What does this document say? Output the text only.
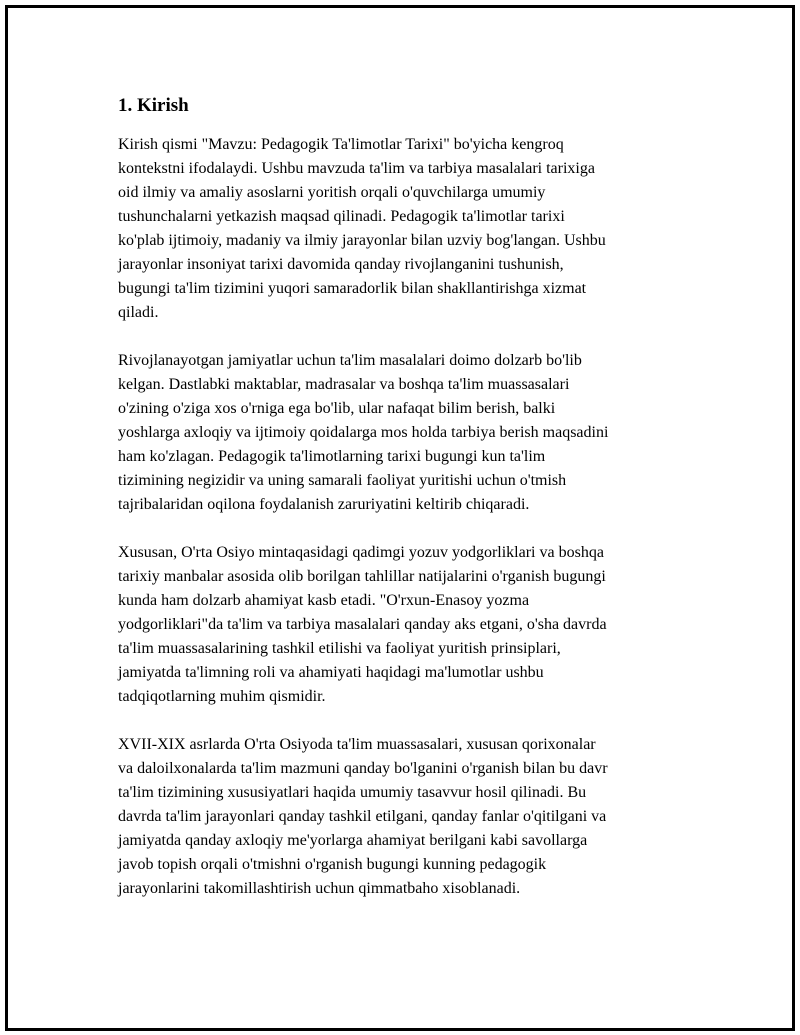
1. Kirish

Kirish qismi "Mavzu: Pedagogik Ta'limotlar Tarixi" bo'yicha kengroq
kontekstni ifodalaydi. Ushbu mavzuda ta'lim va tarbiya masalalari tarixiga
oid ilmiy va amaliy asoslarni yoritish orqali o'quvchilarga umumiy
tushunchalarni yetkazish maqsad qilinadi. Pedagogik ta'limotlar tarixi
ko'plab ijtimoiy, madaniy va ilmiy jarayonlar bilan uzviy bog'langan. Ushbu
jarayonlar insoniyat tarixi davomida qanday rivojlanganini tushunish,
bugungi ta'lim tizimini yuqori samaradorlik bilan shakllantirishga xizmat
qiladi.

Rivojlanayotgan jamiyatlar uchun ta'lim masalalari doimo dolzarb bo'lib
kelgan. Dastlabki maktablar, madrasalar va boshqa ta'lim muassasalari
o'zining o'ziga xos o'rniga ega bo'lib, ular nafaqat bilim berish, balki
yoshlarga axloqiy va ijtimoiy qoidalarga mos holda tarbiya berish maqsadini
ham ko'zlagan. Pedagogik ta'limotlarning tarixi bugungi kun ta'lim
tizimining negizidir va uning samarali faoliyat yuritishi uchun o'tmish
tajribalaridan oqilona foydalanish zaruriyatini keltirib chiqaradi.

Xususan, O'rta Osiyo mintaqasidagi qadimgi yozuv yodgorliklari va boshqa
tarixiy manbalar asosida olib borilgan tahlillar natijalarini o'rganish bugungi
kunda ham dolzarb ahamiyat kasb etadi. "O'rxun-Enasoy yozma
yodgorliklari"da ta'lim va tarbiya masalalari qanday aks etgani, o'sha davrda
ta'lim muassasalarining tashkil etilishi va faoliyat yuritish prinsiplari,
jamiyatda ta'limning roli va ahamiyati haqidagi ma'lumotlar ushbu
tadqiqotlarning muhim qismidir.

XVII-XIX asrlarda O'rta Osiyoda ta'lim muassasalari, xususan qorixonalar
va daloilxonalarda ta'lim mazmuni qanday bo'lganini o'rganish bilan bu davr
ta'lim tizimining xususiyatlari haqida umumiy tasavvur hosil qilinadi. Bu
davrda ta'lim jarayonlari qanday tashkil etilgani, qanday fanlar o'qitilgani va
jamiyatda qanday axloqiy me'yorlarga ahamiyat berilgani kabi savollarga
javob topish orqali o'tmishni o'rganish bugungi kunning pedagogik
jarayonlarini takomillashtirish uchun qimmatbaho xisoblanadi.
